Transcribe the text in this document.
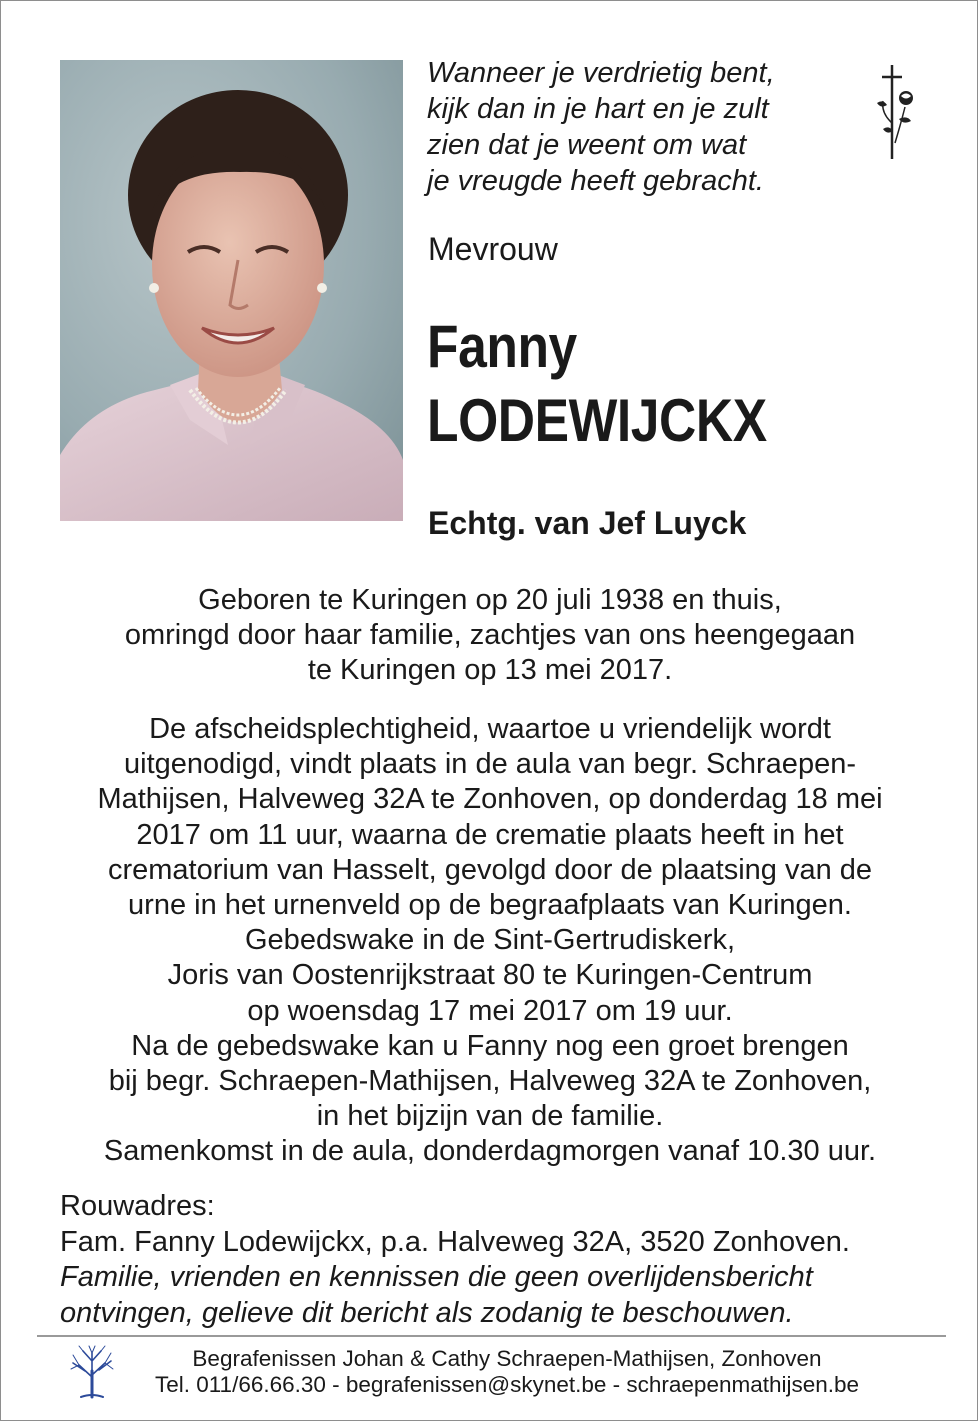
Wanneer je verdrietig bent,
kijk dan in je hart en je zult
zien dat je weent om wat
je vreugde heeft gebracht.
Mevrouw
Fanny
LODEWIJCKX
Echtg. van Jef Luyck
Geboren te Kuringen op 20 juli 1938 en thuis,
omringd door haar familie, zachtjes van ons heengegaan
te Kuringen op 13 mei 2017.
De afscheidsplechtigheid, waartoe u vriendelijk wordt
uitgenodigd, vindt plaats in de aula van begr. Schraepen-
Mathijsen, Halveweg 32A te Zonhoven, op donderdag 18 mei
2017 om 11 uur, waarna de crematie plaats heeft in het
crematorium van Hasselt, gevolgd door de plaatsing van de
urne in het urnenveld op de begraafplaats van Kuringen.
Gebedswake in de Sint-Gertrudiskerk,
Joris van Oostenrijkstraat 80 te Kuringen-Centrum
op woensdag 17 mei 2017 om 19 uur.
Na de gebedswake kan u Fanny nog een groet brengen
bij begr. Schraepen-Mathijsen, Halveweg 32A te Zonhoven,
in het bijzijn van de familie.
Samenkomst in de aula, donderdagmorgen vanaf 10.30 uur.
Rouwadres:
Fam. Fanny Lodewijckx, p.a. Halveweg 32A, 3520 Zonhoven.
Familie, vrienden en kennissen die geen overlijdensbericht
ontvingen, gelieve dit bericht als zodanig te beschouwen.
Begrafenissen Johan & Cathy Schraepen-Mathijsen, Zonhoven
Tel. 011/66.66.30 - begrafenissen@skynet.be - schraepenmathijsen.be
